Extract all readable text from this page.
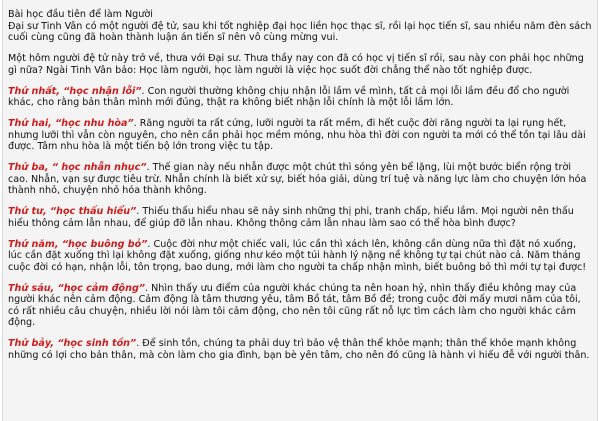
Bài học đầu tiên để làm Người

Đại sư Tinh Vân có một người đệ tử, sau khi tốt nghiệp đại học liền học thạc sĩ, rồi lại học tiến sĩ, sau nhiều năm đèn sách cuối cùng cũng đã hoàn thành luận án tiến sĩ nên vô cùng mừng vui.

Một hôm người đệ tử này trở về, thưa với Đại sư. Thưa thầy nay con đã có học vị tiến sĩ rồi, sau này con phải học những gì nữa? Ngài Tinh Vân bảo: Học làm người, học làm người là việc học suốt đời chẳng thể nào tốt nghiệp được.

Thứ nhất, “học nhận lỗi”. Con người thường không chịu nhận lỗi lầm về mình, tất cả mọi lỗi lầm đều đổ cho người khác, cho rằng bản thân mình mới đúng, thật ra không biết nhận lỗi chính là một lỗi lầm lớn.

Thứ hai, “học nhu hòa”. Răng người ta rất cứng, lưỡi người ta rất mềm, đi hết cuộc đời răng người ta lại rụng hết, nhưng lưỡi thì vẫn còn nguyên, cho nên cần phải học mềm mỏng, nhu hòa thì đời con người ta mới có thể tồn tại lâu dài được. Tâm nhu hòa là một tiến bộ lớn trong việc tu tập.

Thứ ba, “ học nhẫn nhục”. Thế gian này nếu nhẫn được một chút thì sóng yên bể lặng, lùi một bước biển rộng trời cao. Nhẫn, vạn sự được tiêu trừ. Nhẫn chính là biết xử sự, biết hóa giải, dùng trí tuệ và năng lực làm cho chuyện lớn hóa thành nhỏ, chuyện nhỏ hóa thành không.

Thứ tư, “học thấu hiểu”. Thiếu thấu hiểu nhau sẽ nảy sinh những thị phi, tranh chấp, hiểu lầm. Mọi người nên thấu hiểu thông cảm lẫn nhau, để giúp đỡ lẫn nhau. Không thông cảm lẫn nhau làm sao có thể hòa bình được?

Thứ năm, “học buông bỏ”. Cuộc đời như một chiếc vali, lúc cần thì xách lên, không cần dùng nữa thì đặt nó xuống, lúc cần đặt xuống thì lại không đặt xuống, giống như kéo một túi hành lý nặng nề không tự tại chút nào cả. Năm tháng cuộc đời có hạn, nhận lỗi, tôn trọng, bao dung, mới làm cho người ta chấp nhận mình, biết buông bỏ thì mới tự tại được!

Thứ sáu, “học cảm động”. Nhìn thấy ưu điểm của người khác chúng ta nên hoan hỷ, nhìn thấy điều không may của người khác nên cảm động. Cảm động là tâm thương yêu, tâm Bồ tát, tâm Bồ đề; trong cuộc đời mấy mươi năm của tôi, có rất nhiều câu chuyện, nhiều lời nói làm tôi cảm động, cho nên tôi cũng rất nỗ lực tìm cách làm cho người khác cảm động.

Thứ bảy, “học sinh tồn”. Để sinh tồn, chúng ta phải duy trì bảo vệ thân thể khỏe mạnh; thân thể khỏe mạnh không những có lợi cho bản thân, mà còn làm cho gia đình, bạn bè yên tâm, cho nên đó cũng là hành vi hiếu đễ với người thân.
